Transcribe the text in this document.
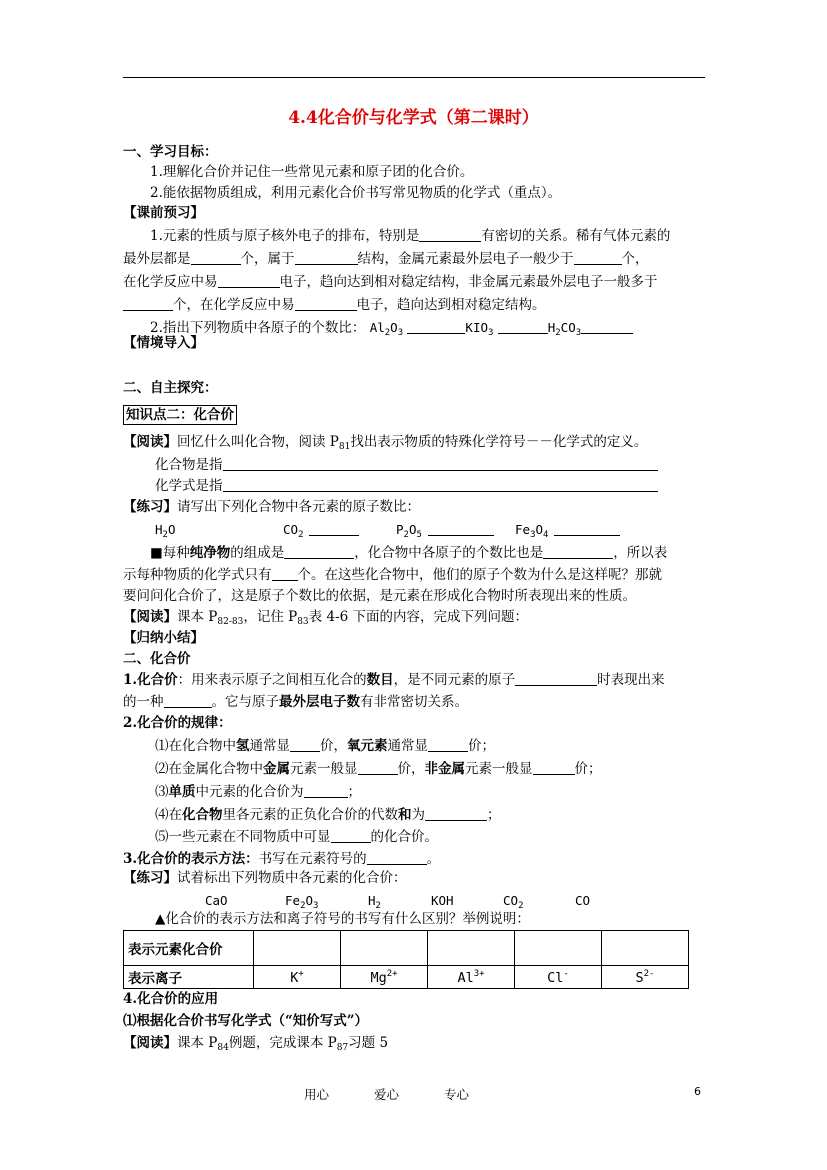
4.4化合价与化学式（第二课时）
一、学习目标：
1.理解化合价并记住一些常见元素和原子团的化合价。
2.能依据物质组成，利用元素化合价书写常见物质的化学式（重点）。
【课前预习】
1.元素的性质与原子核外电子的排布，特别是	有密切的关系。稀有气体元素的
最外层都是	个，属于	结构，金属元素最外层电子一般少于	个，
在化学反应中易	电子，趋向达到相对稳定结构，非金属元素最外层电子一般多于
个，在化学反应中易	电子，趋向达到相对稳定结构。
2.指出下列物质中各原子的个数比： $Al_2O_3$	$KIO_3$	$H_2CO_3$
【情境导入】
二、自主探究：
知识点二：化合价
【阅读】回忆什么叫化合物，阅读 $P_{81}$找出表示物质的特殊化学符号－－化学式的定义。
化合物是指
化学式是指
【练习】请写出下列化合物中各元素的原子数比：
$H_2O$	$CO_2$	$P_2O_5$	$Fe_3O_4$
■每种纯净物的组成是	，化合物中各原子的个数比也是	，所以表
示每种物质的化学式只有 个。在这些化合物中，他们的原子个数为什么是这样呢？那就
要问问化合价了，这是原子个数比的依据，是元素在形成化合物时所表现出来的性质。
【阅读】课本 $P_{82-83}$，记住 $P_{83}$表 4-6 下面的内容，完成下列问题：
【归纳小结】
二、化合价
1.化合价：用来表示原子之间相互化合的数目，是不同元素的原子	时表现出来
的一种	。它与原子最外层电子数有非常密切关系。
2.化合价的规律：
⑴在化合物中氢通常显 价，氧元素通常显	价；
⑵在金属化合物中金属元素一般显	价，非金属元素一般显	价；
⑶单质中元素的化合价为	；
⑷在化合物里各元素的正负化合价的代数和为	；
⑸一些元素在不同物质中可显	的化合价。
3.化合价的表示方法：书写在元素符号的	。
【练习】试着标出下列物质中各元素的化合价：
CaO	$Fe_2O_3$	$H_2$	KOH	$CO_2$	CO
▲化合价的表示方法和离子符号的书写有什么区别？举例说明：
表示元素化合价					
表示离子	K+	$Mg^{2+}$	$Al^{3+}$	Cl-	$S^{2-}$
4.化合价的应用
⑴根据化合价书写化学式（“知价写式”）
【阅读】课本 $P_{84}$例题，完成课本 $P_{87}$习题 5
用心	爱心	专心	6
